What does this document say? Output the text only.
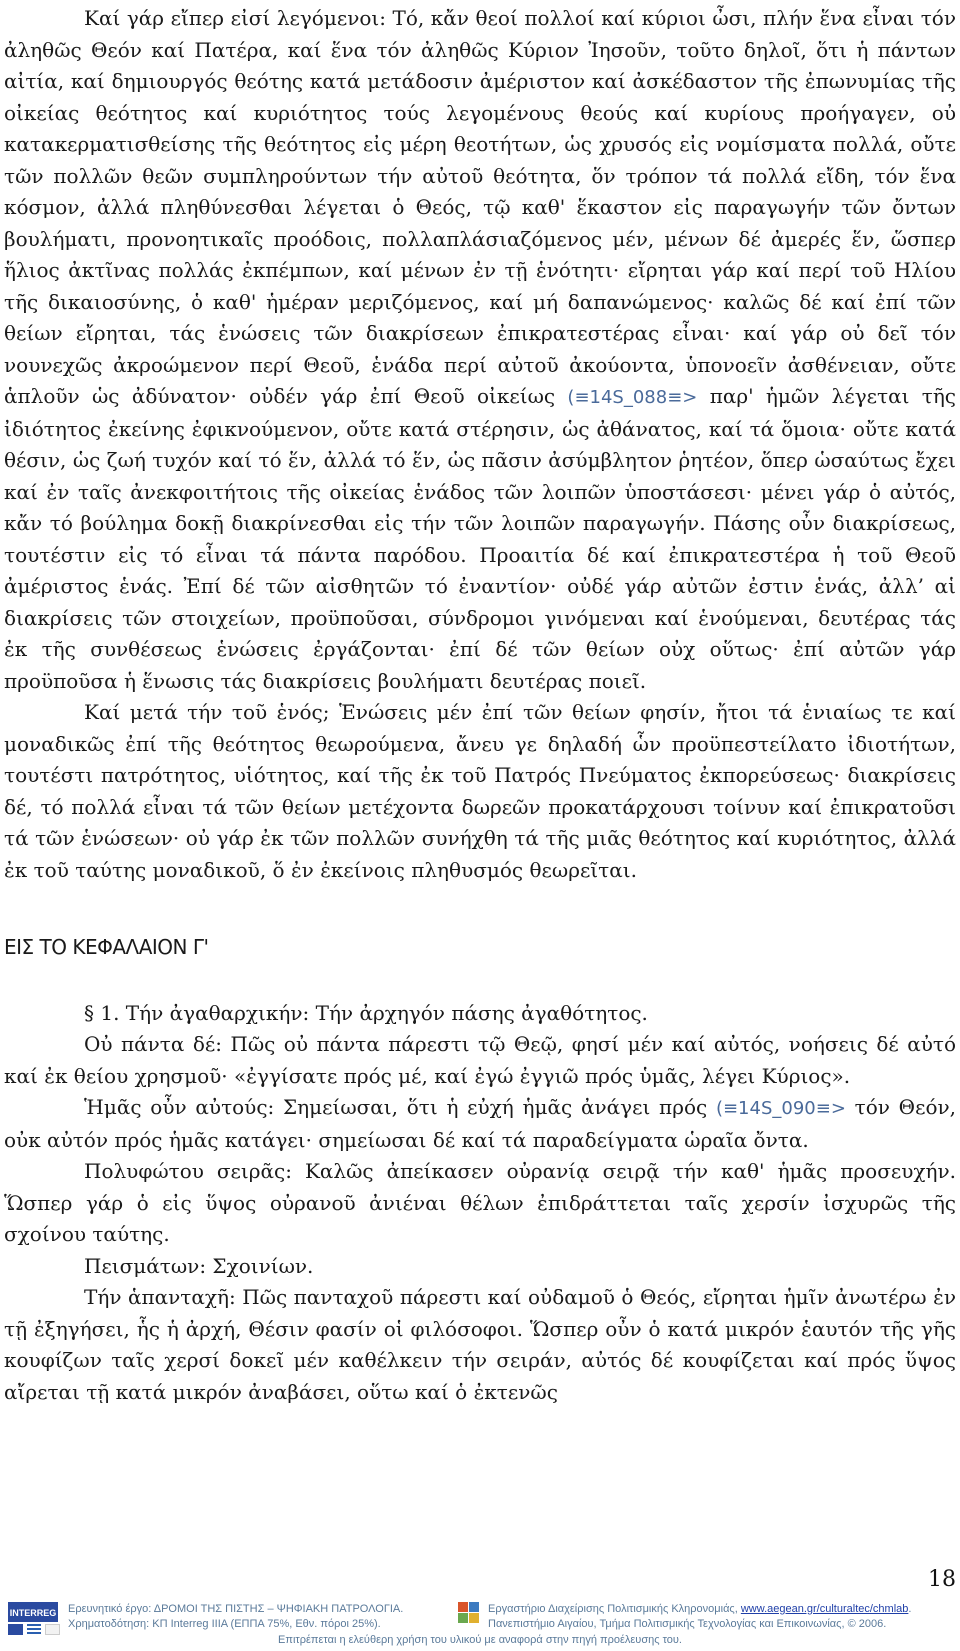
Καί γάρ εἴπερ εἰσί λεγόμενοι: Τό, κἄν θεοί πολλοί καί κύριοι ὦσι, πλήν ἕνα εἶναι τόν ἀληθῶς Θεόν καί Πατέρα, καί ἕνα τόν ἀληθῶς Κύριον Ἰησοῦν, τοῦτο δηλοῖ, ὅτι ἡ πάντων αἰτία, καί δημιουργός θεότης κατά μετάδοσιν ἀμέριστον καί ἀσκέδαστον τῆς ἐπωνυμίας τῆς οἰκείας θεότητος καί κυριότητος τούς λεγομένους θεούς καί κυρίους προήγαγεν, οὐ κατακερματισθείσης τῆς θεότητος εἰς μέρη θεοτήτων, ὡς χρυσός εἰς νομίσματα πολλά, οὔτε τῶν πολλῶν θεῶν συμπληρούντων τήν αὐτοῦ θεότητα, ὅν τρόπον τά πολλά εἴδη, τόν ἕνα κόσμον, ἀλλά πληθύνεσθαι λέγεται ὁ Θεός, τῷ καθ' ἕκαστον εἰς παραγωγήν τῶν ὄντων βουλήματι, προνοητικαῖς προόδοις, πολλαπλάσιαζόμενος μέν, μένων δέ ἀμερές ἕν, ὥσπερ ἥλιος ἀκτῖνας πολλάς ἐκπέμπων, καί μένων ἐν τῇ ἑνότητι· εἴρηται γάρ καί περί τοῦ Ηλίου τῆς δικαιοσύνης, ὁ καθ' ἡμέραν μεριζόμενος, καί μή δαπανώμενος· καλῶς δέ καί ἐπί τῶν θείων εἴρηται, τάς ἑνώσεις τῶν διακρίσεων ἐπικρατεστέρας εἶναι· καί γάρ οὐ δεῖ τόν νουνεχῶς ἀκροώμενον περί Θεοῦ, ἑνάδα περί αὐτοῦ ἀκούοντα, ὑπονοεῖν ἀσθένειαν, οὔτε ἁπλοῦν ὡς ἀδύνατον· οὐδέν γάρ ἐπί Θεοῦ οἰκείως (≡14S_088≡> παρ' ἡμῶν λέγεται τῆς ἰδιότητος ἐκείνης ἐφικνούμενον, οὔτε κατά στέρησιν, ὡς ἀθάνατος, καί τά ὅμοια· οὔτε κατά θέσιν, ὡς ζωή τυχόν καί τό ἕν, ἀλλά τό ἕν, ὡς πᾶσιν ἀσύμβλητον ῥητέον, ὅπερ ὡσαύτως ἔχει καί ἐν ταῖς ἀνεκφοιτήτοις τῆς οἰκείας ἑνάδος τῶν λοιπῶν ὑποστάσεσι· μένει γάρ ὁ αὐτός, κἄν τό βούλημα δοκῇ διακρίνεσθαι εἰς τήν τῶν λοιπῶν παραγωγήν. Πάσης οὖν διακρίσεως, τουτέστιν εἰς τό εἶναι τά πάντα παρόδου. Προαιτία δέ καί ἐπικρατεστέρα ἡ τοῦ Θεοῦ ἀμέριστος ἑνάς. Ἐπί δέ τῶν αἰσθητῶν τό ἐναντίον· οὐδέ γάρ αὐτῶν ἐστιν ἑνάς, ἀλλ’ αἱ διακρίσεις τῶν στοιχείων, προϋποῦσαι, σύνδρομοι γινόμεναι καί ἑνούμεναι, δευτέρας τάς ἐκ τῆς συνθέσεως ἑνώσεις ἐργάζονται· ἐπί δέ τῶν θείων οὐχ οὕτως· ἐπί αὐτῶν γάρ προϋποῦσα ἡ ἕνωσις τάς διακρίσεις βουλήματι δευτέρας ποιεῖ.

Καί μετά τήν τοῦ ἑνός; Ἑνώσεις μέν ἐπί τῶν θείων φησίν, ἤτοι τά ἑνιαίως τε καί μοναδικῶς ἐπί τῆς θεότητος θεωρούμενα, ἄνευ γε δηλαδή ὧν προϋπεστείλατο ἰδιοτήτων, τουτέστι πατρότητος, υἱότητος, καί τῆς ἐκ τοῦ Πατρός Πνεύματος ἐκπορεύσεως· διακρίσεις δέ, τό πολλά εἶναι τά τῶν θείων μετέχοντα δωρεῶν προκατάρχουσι τοίνυν καί ἐπικρατοῦσι τά τῶν ἑνώσεων· οὐ γάρ ἐκ τῶν πολλῶν συνήχθη τά τῆς μιᾶς θεότητος καί κυριότητος, ἀλλά ἐκ τοῦ ταύτης μοναδικοῦ, ὅ ἐν ἐκείνοις πληθυσμός θεωρεῖται.

ΕΙΣ ΤΟ ΚΕΦΑΛΑΙΟΝ Γ'

§ 1. Τήν ἀγαθαρχικήν: Τήν ἀρχηγόν πάσης ἀγαθότητος.

Οὐ πάντα δέ: Πῶς οὐ πάντα πάρεστι τῷ Θεῷ, φησί μέν καί αὐτός, νοήσεις δέ αὐτό καί ἐκ θείου χρησμοῦ· «ἐγγίσατε πρός μέ, καί ἐγώ ἐγγιῶ πρός ὑμᾶς, λέγει Κύριος».

Ἡμᾶς οὖν αὐτούς: Σημείωσαι, ὅτι ἡ εὐχή ἡμᾶς ἀνάγει πρός (≡14S_090≡> τόν Θεόν, οὐκ αὐτόν πρός ἡμᾶς κατάγει· σημείωσαι δέ καί τά παραδείγματα ὡραῖα ὄντα.

Πολυφώτου σειρᾶς: Καλῶς ἀπείκασεν οὐρανίᾳ σειρᾷ τήν καθ' ἡμᾶς προσευχήν. Ὥσπερ γάρ ὁ εἰς ὕψος οὐρανοῦ ἀνιέναι θέλων ἐπιδράττεται ταῖς χερσίν ἰσχυρῶς τῆς σχοίνου ταύτης.

Πεισμάτων: Σχοινίων.

Τήν ἁπανταχῆ: Πῶς πανταχοῦ πάρεστι καί οὐδαμοῦ ὁ Θεός, εἴρηται ἡμῖν ἀνωτέρω ἐν τῇ ἐξηγήσει, ἧς ἡ ἀρχή, Θέσιν φασίν οἱ φιλόσοφοι. Ὥσπερ οὖν ὁ κατά μικρόν ἑαυτόν τῆς γῆς κουφίζων ταῖς χερσί δοκεῖ μέν καθέλκειν τήν σειράν, αὐτός δέ κουφίζεται καί πρός ὕψος αἴρεται τῇ κατά μικρόν ἀναβάσει, οὕτω καί ὁ ἐκτενῶς

18
INTERREG Ερευνητικό έργο: ΔΡΟΜΟΙ ΤΗΣ ΠΙΣΤΗΣ – ΨΗΦΙΑΚΗ ΠΑΤΡΟΛΟΓΙΑ.
Χρηματοδότηση: ΚΠ Interreg IIIA (ΕΠΠΑ 75%, Εθν. πόροι 25%).
Εργαστήριο Διαχείρισης Πολιτισμικής Κληρονομιάς, www.aegean.gr/culturaltec/chmlab.
Πανεπιστήμιο Αιγαίου, Τμήμα Πολιτισμικής Τεχνολογίας και Επικοινωνίας, © 2006.
Επιτρέπεται η ελεύθερη χρήση του υλικού με αναφορά στην πηγή προέλευσης του.
